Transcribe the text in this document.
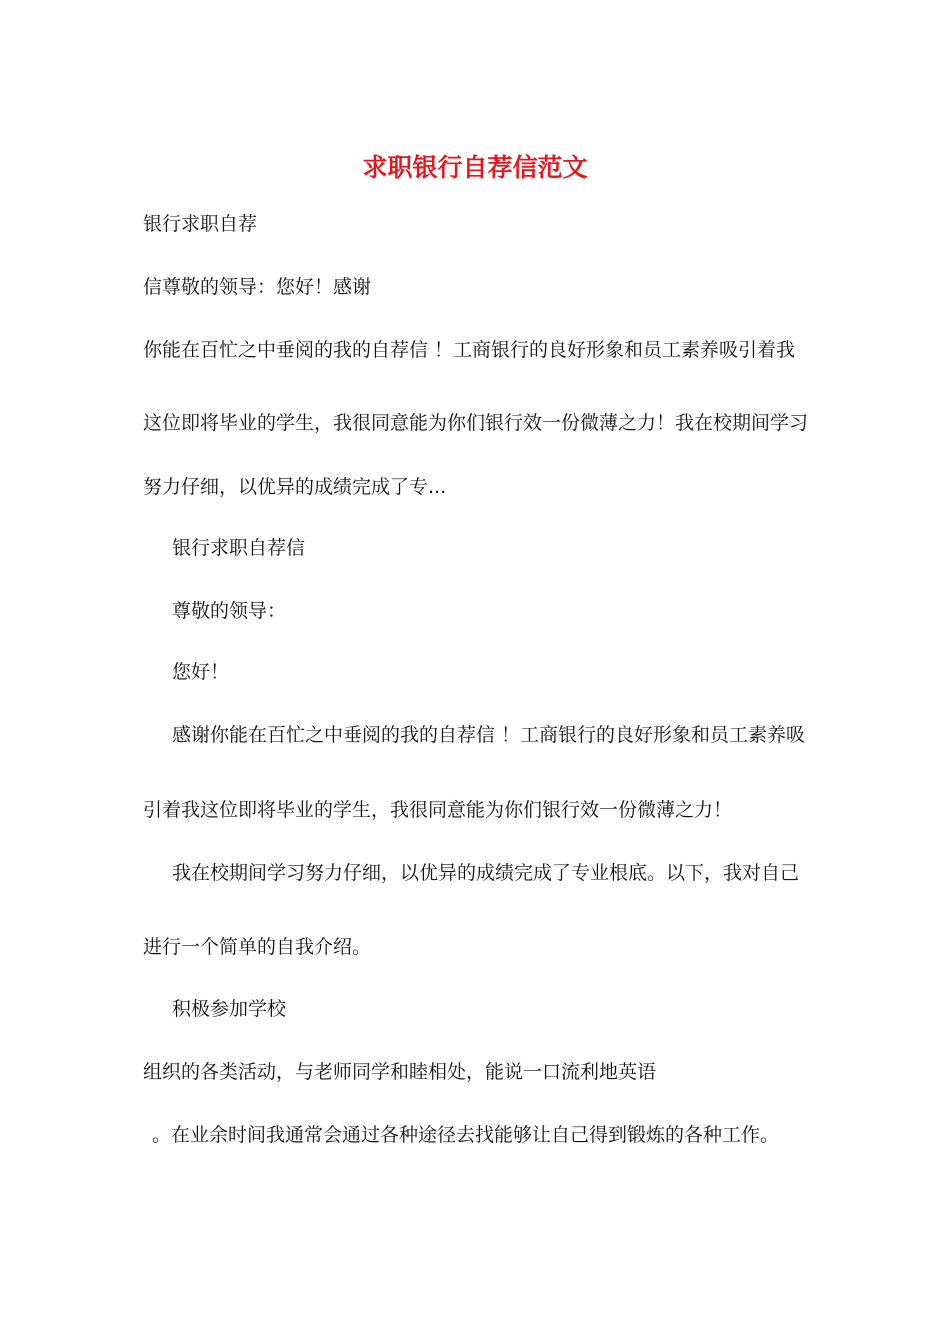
求职银行自荐信范文
银行求职自荐
信尊敬的领导：您好！感谢
你能在百忙之中垂阅的我的自荐信 ！工商银行的良好形象和员工素养吸引着我
这位即将毕业的学生，我很同意能为你们银行效一份微薄之力！我在校期间学习
努力仔细，以优异的成绩完成了专...
银行求职自荐信
尊敬的领导：
您好！
感谢你能在百忙之中垂阅的我的自荐信 ！工商银行的良好形象和员工素养吸
引着我这位即将毕业的学生，我很同意能为你们银行效一份微薄之力！
我在校期间学习努力仔细，以优异的成绩完成了专业根底。以下，我对自己
进行一个简单的自我介绍。
积极参加学校
组织的各类活动，与老师同学和睦相处，能说一口流利地英语
。在业余时间我通常会通过各种途径去找能够让自己得到锻炼的各种工作。
